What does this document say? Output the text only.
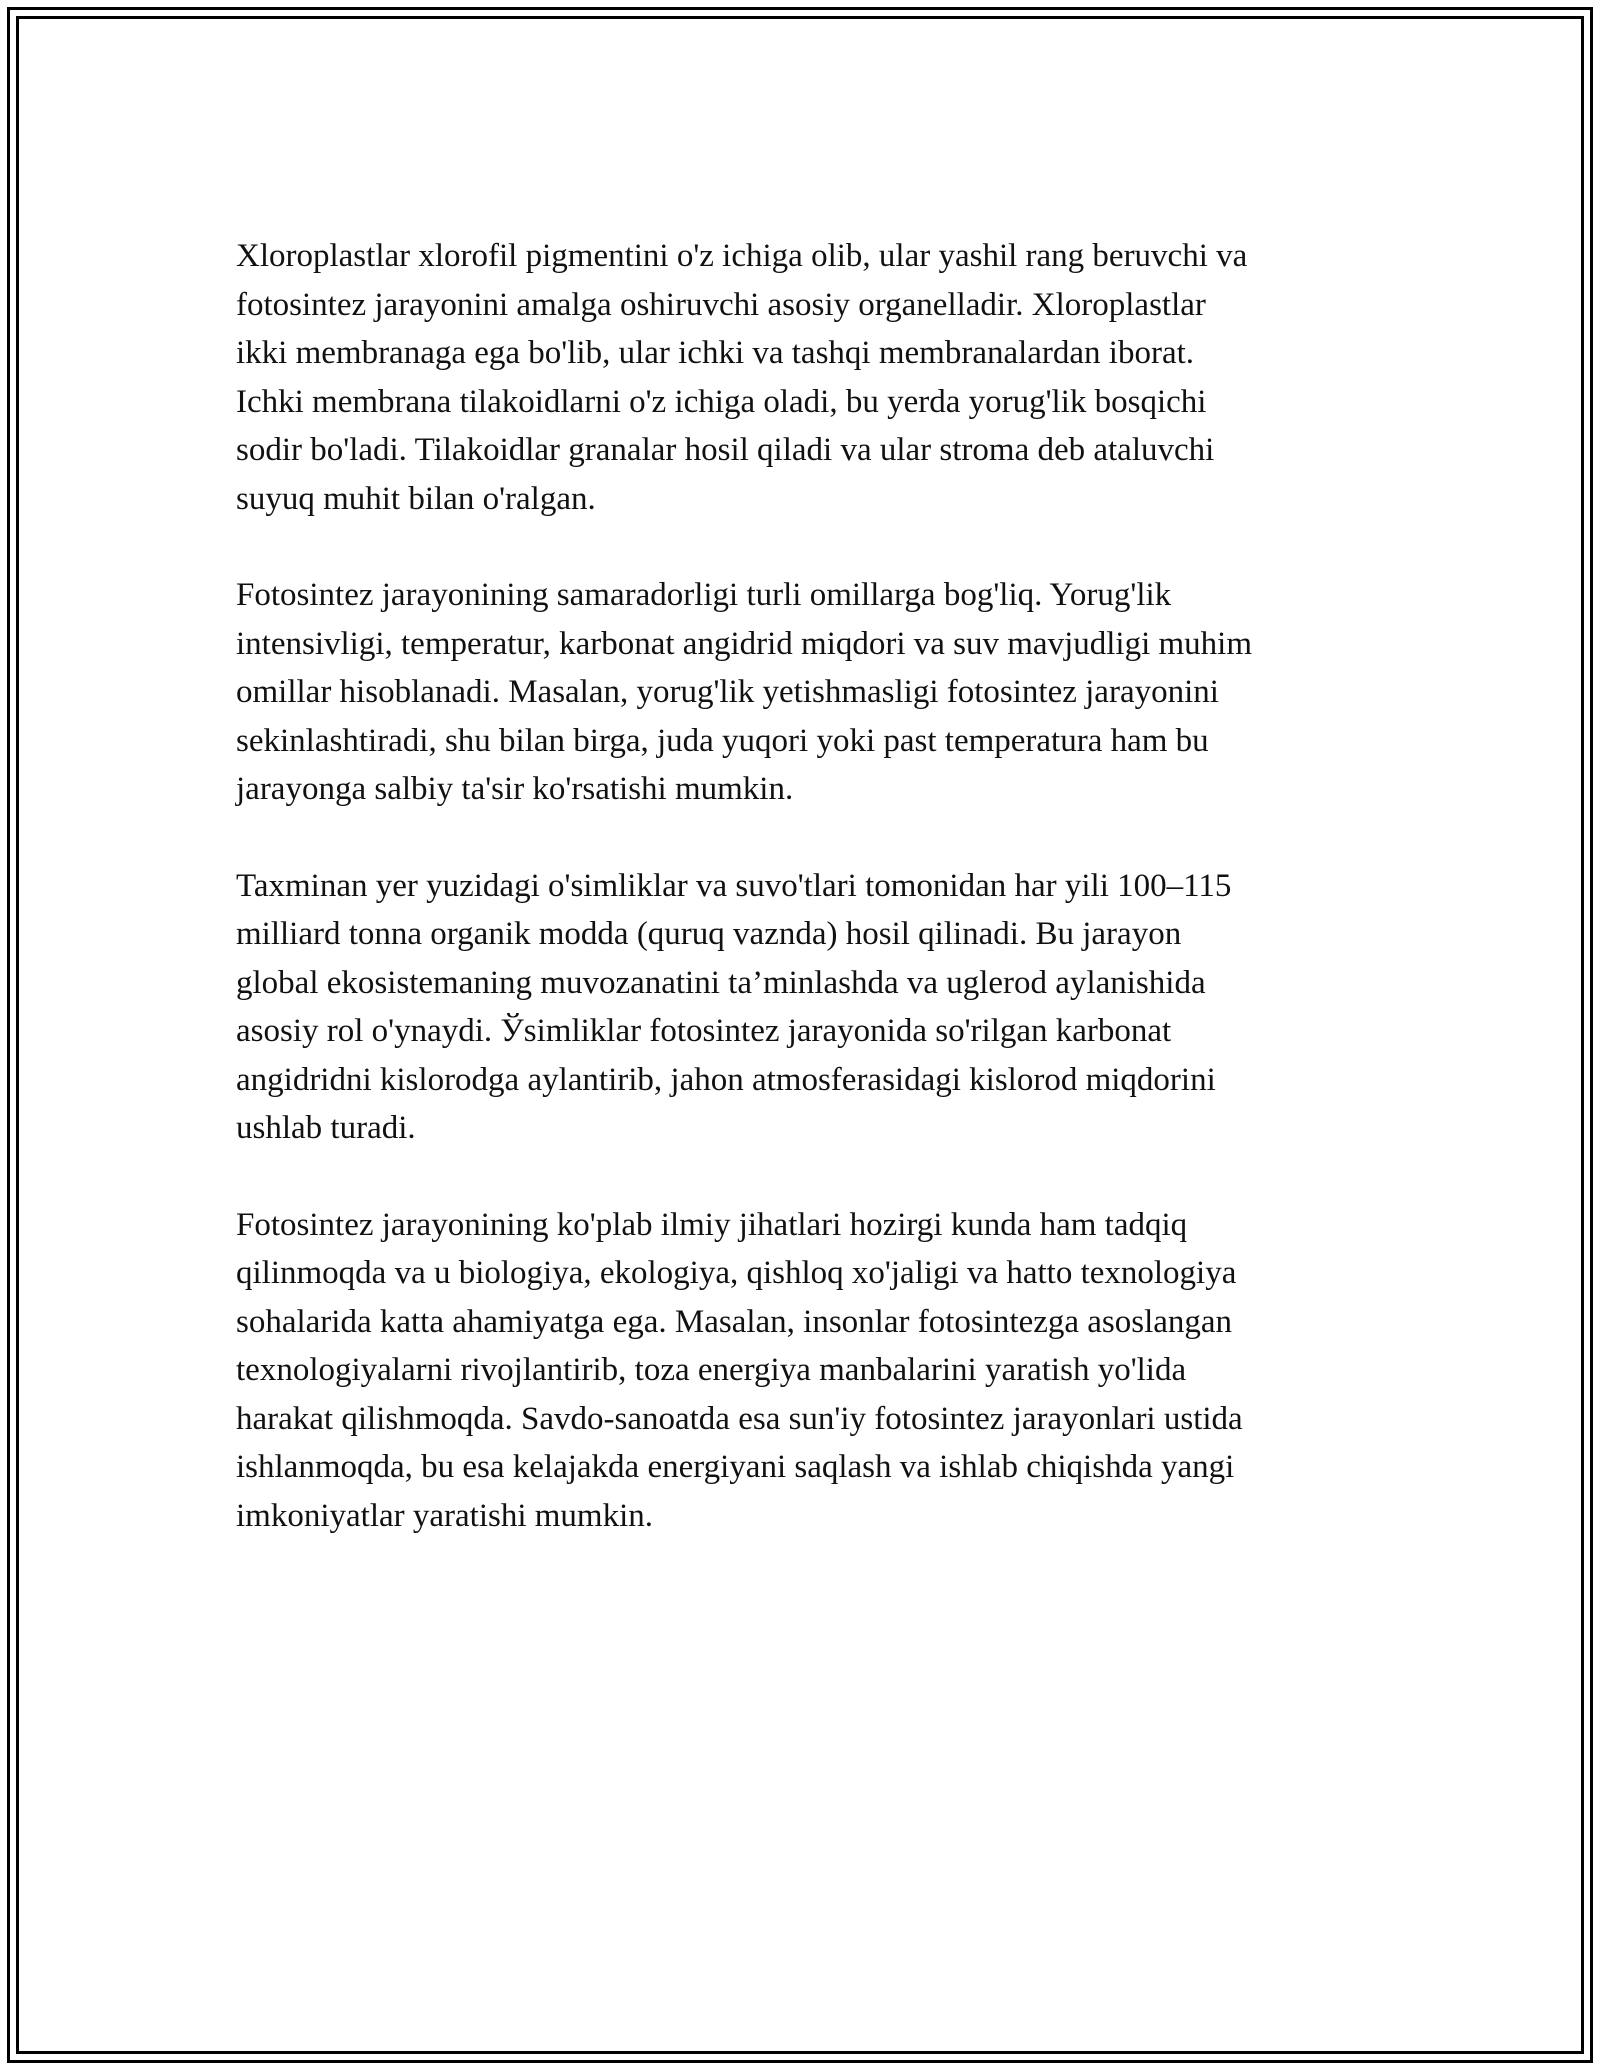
Xloroplastlar xlorofil pigmentini o'z ichiga olib, ular yashil rang beruvchi va
fotosintez jarayonini amalga oshiruvchi asosiy organelladir. Xloroplastlar
ikki membranaga ega bo'lib, ular ichki va tashqi membranalardan iborat.
Ichki membrana tilakoidlarni o'z ichiga oladi, bu yerda yorug'lik bosqichi
sodir bo'ladi. Tilakoidlar granalar hosil qiladi va ular stroma deb ataluvchi
suyuq muhit bilan o'ralgan.

Fotosintez jarayonining samaradorligi turli omillarga bog'liq. Yorug'lik
intensivligi, temperatur, karbonat angidrid miqdori va suv mavjudligi muhim
omillar hisoblanadi. Masalan, yorug'lik yetishmasligi fotosintez jarayonini
sekinlashtiradi, shu bilan birga, juda yuqori yoki past temperatura ham bu
jarayonga salbiy ta'sir ko'rsatishi mumkin.

Taxminan yer yuzidagi o'simliklar va suvo'tlari tomonidan har yili 100–115
milliard tonna organik modda (quruq vaznda) hosil qilinadi. Bu jarayon
global ekosistemaning muvozanatini ta’minlashda va uglerod aylanishida
asosiy rol o'ynaydi. Ўsimliklar fotosintez jarayonida so'rilgan karbonat
angidridni kislorodga aylantirib, jahon atmosferasidagi kislorod miqdorini
ushlab turadi.

Fotosintez jarayonining ko'plab ilmiy jihatlari hozirgi kunda ham tadqiq
qilinmoqda va u biologiya, ekologiya, qishloq xo'jaligi va hatto texnologiya
sohalarida katta ahamiyatga ega. Masalan, insonlar fotosintezga asoslangan
texnologiyalarni rivojlantirib, toza energiya manbalarini yaratish yo'lida
harakat qilishmoqda. Savdo-sanoatda esa sun'iy fotosintez jarayonlari ustida
ishlanmoqda, bu esa kelajakda energiyani saqlash va ishlab chiqishda yangi
imkoniyatlar yaratishi mumkin.
